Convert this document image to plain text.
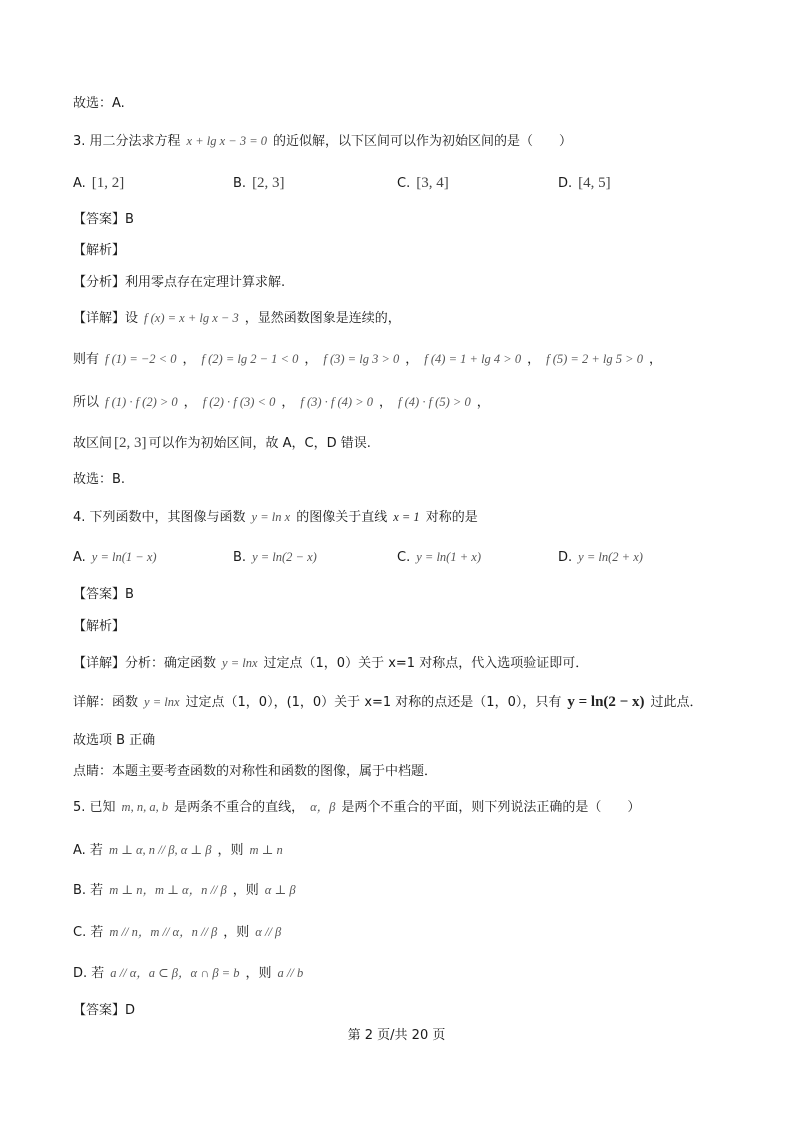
故选：A.
3. 用二分法求方程 x + lg x − 3 = 0 的近似解，以下区间可以作为初始区间的是（　　）
A. [1, 2]	B. [2, 3]	C. [3, 4]	D. [4, 5]
【答案】B
【解析】
【分析】利用零点存在定理计算求解.
【详解】设 f (x) = x + lg x − 3 ，显然函数图象是连续的，
则有 f (1) = −2 < 0 ， f (2) = lg 2 − 1 < 0 ， f (3) = lg 3 > 0 ， f (4) = 1 + lg 4 > 0 ， f (5) = 2 + lg 5 > 0 ，
所以 f (1) · f (2) > 0 ， f (2) · f (3) < 0 ， f (3) · f (4) > 0 ， f (4) · f (5) > 0 ，
故区间 [2, 3] 可以作为初始区间，故 A，C，D 错误.
故选：B.
4. 下列函数中，其图像与函数 y = ln x 的图像关于直线 x = 1 对称的是
A. y = ln(1 − x)	B. y = ln(2 − x)	C. y = ln(1 + x)	D. y = ln(2 + x)
【答案】B
【解析】
【详解】分析：确定函数 y = lnx 过定点（1，0）关于 x=1 对称点，代入选项验证即可．
详解：函数 y = lnx 过定点（1，0），(1，0）关于 x=1 对称的点还是（1，0），只有 y = ln(2 − x) 过此点．
故选项 B 正确
点睛：本题主要考查函数的对称性和函数的图像，属于中档题．
5. 已知 m, n, a, b 是两条不重合的直线， α，β 是两个不重合的平面，则下列说法正确的是（　　）
A. 若 m ⊥ α, n // β, α ⊥ β ，则 m ⊥ n
B. 若 m ⊥ n，m ⊥ α，n // β ，则 α ⊥ β
C. 若 m // n，m // α，n // β ，则 α // β
D. 若 a // α，a ⊂ β，α ∩ β = b ，则 a // b
【答案】D
第 2 页/共 20 页
